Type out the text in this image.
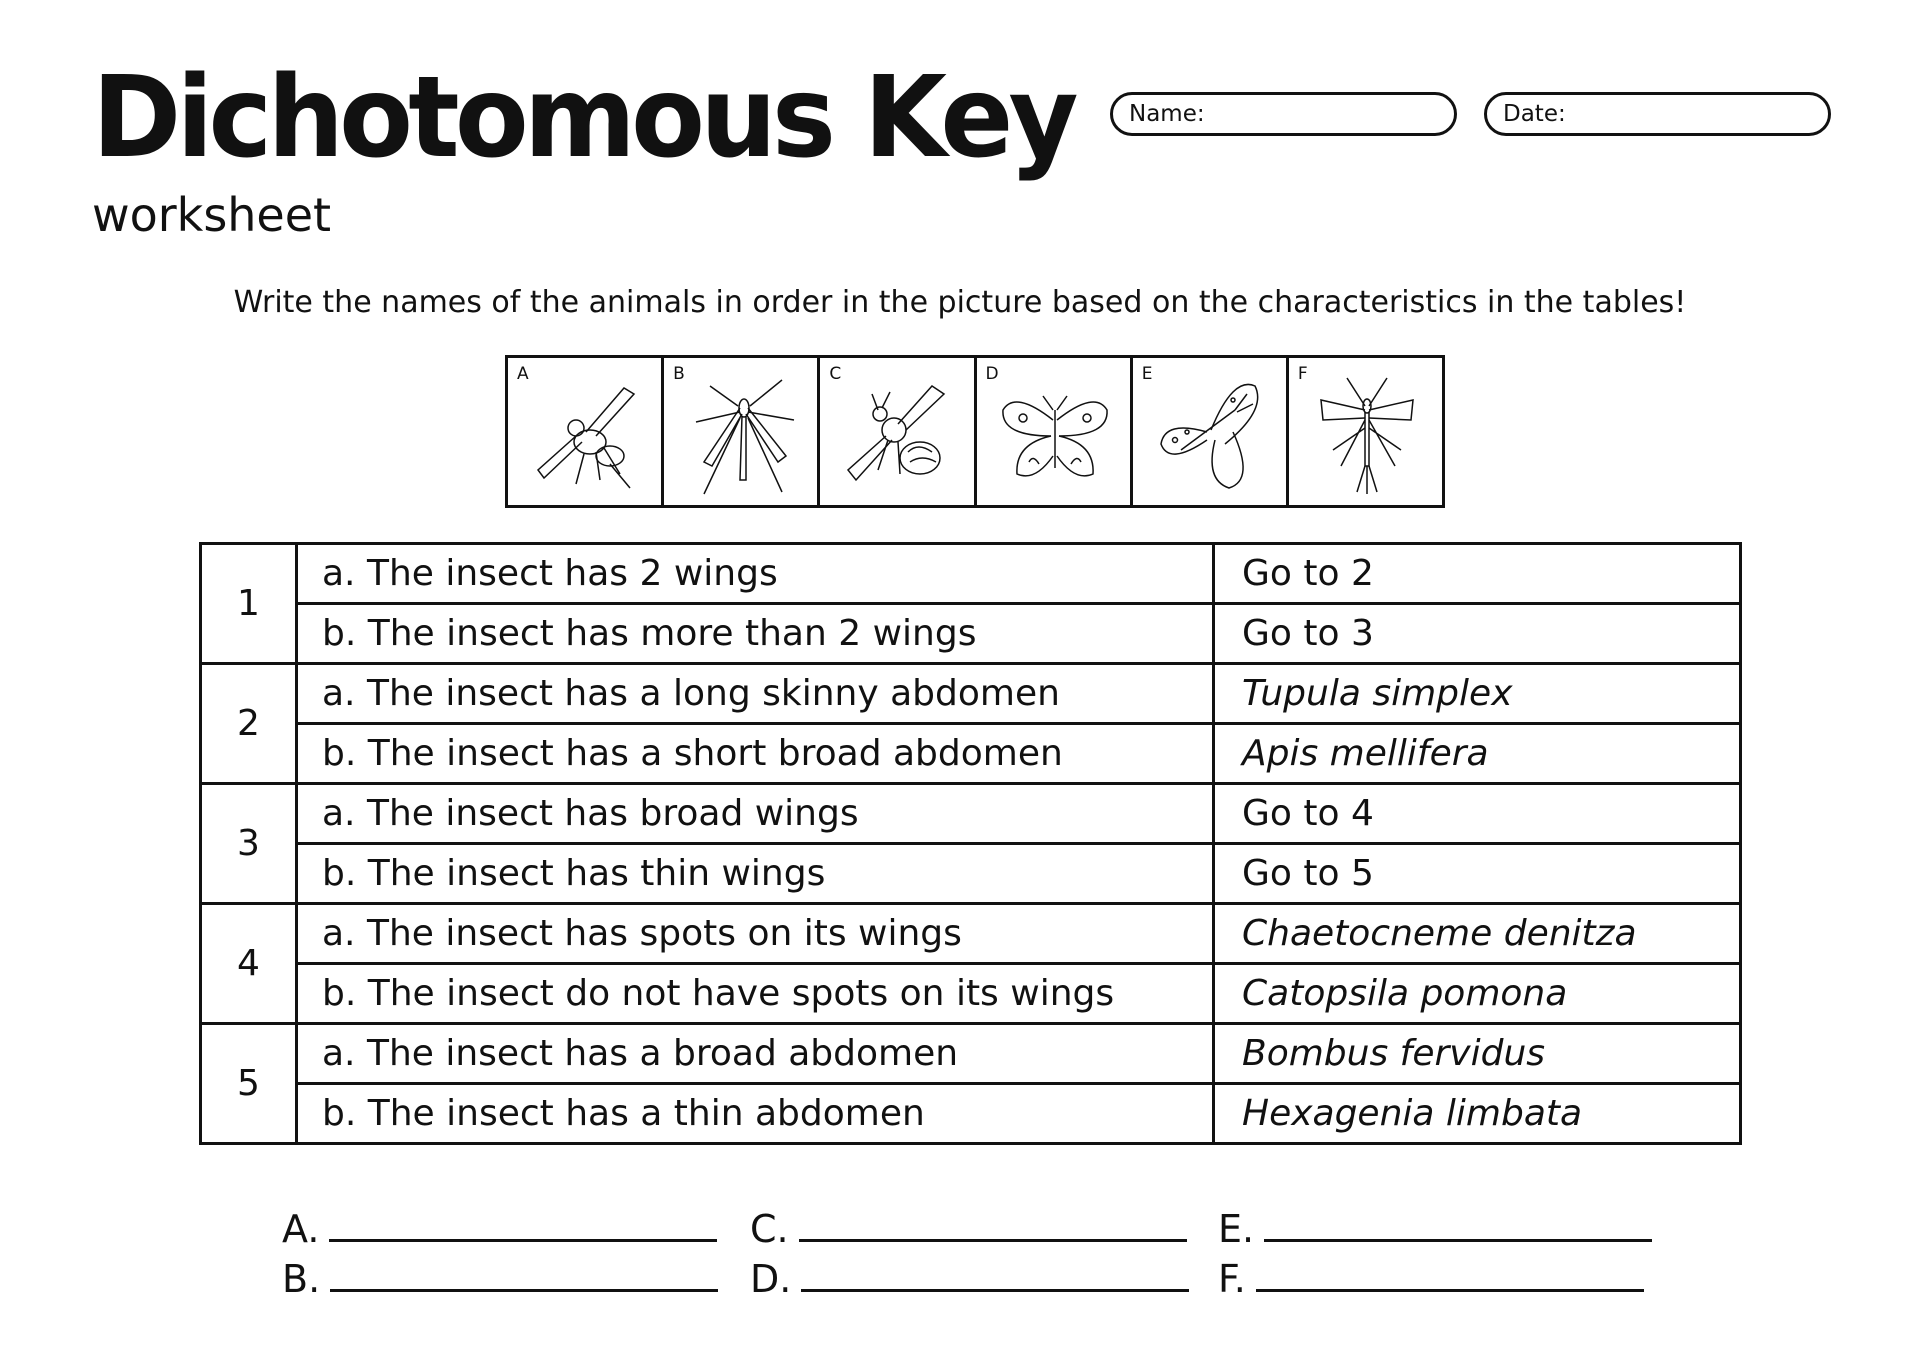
Dichotomous Key
worksheet
Name:	Date:
Write the names of the animals in order in the picture based on the characteristics in the tables!
A	B	C	D	E	F
1	a. The insect has 2 wings	Go to 2
	b. The insect has more than 2 wings	Go to 3
2	a. The insect has a long skinny abdomen	Tupula simplex
	b. The insect has a short broad abdomen	Apis mellifera
3	a. The insect has broad wings	Go to 4
	b. The insect has thin wings	Go to 5
4	a. The insect has spots on its wings	Chaetocneme denitza
	b. The insect do not have spots on its wings	Catopsila pomona
5	a. The insect has a broad abdomen	Bombus fervidus
	b. The insect has a thin abdomen	Hexagenia limbata
A.
B.
C.
D.
E.
F.
